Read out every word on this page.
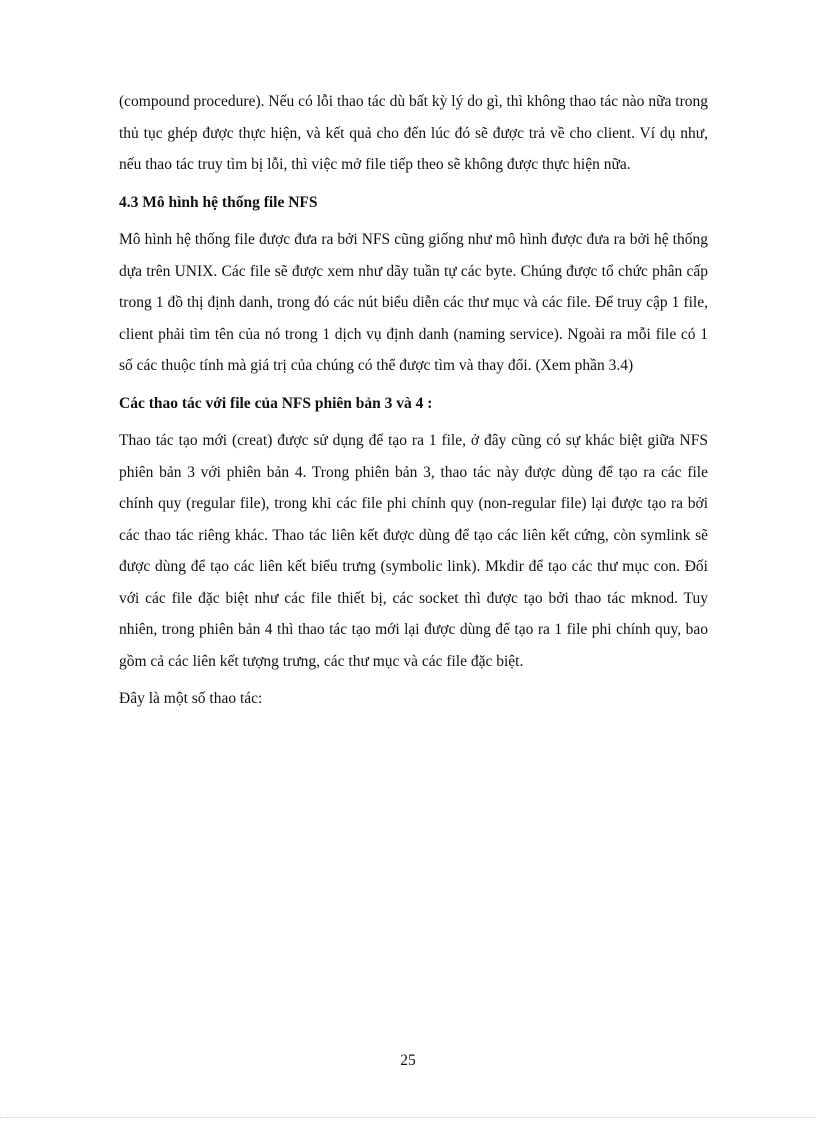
(compound procedure). Nếu có lỗi thao tác dù bất kỳ lý do gì, thì không thao tác nào nữa trong thủ tục ghép được thực hiện, và kết quả cho đến lúc đó sẽ được trả về cho client. Ví dụ như, nếu thao tác truy tìm bị lỗi, thì việc mở file tiếp theo sẽ không được thực hiện nữa.

4.3 Mô hình hệ thống file NFS

Mô hình hệ thống file được đưa ra bởi NFS cũng giống như mô hình được đưa ra bởi hệ thống dựa trên UNIX. Các file sẽ được xem như dãy tuần tự các byte. Chúng được tổ chức phân cấp trong 1 đồ thị định danh, trong đó các nút biểu diễn các thư mục và các file. Để truy cập 1 file, client phải tìm tên của nó trong 1 dịch vụ định danh (naming service). Ngoài ra mỗi file có 1 số các thuộc tính mà giá trị của chúng có thể được tìm và thay đổi. (Xem phần 3.4)

Các thao tác với file của NFS phiên bản 3 và 4 :

Thao tác tạo mới (creat) được sử dụng để tạo ra 1 file, ở đây cũng có sự khác biệt giữa NFS phiên bản 3 với phiên bản 4. Trong phiên bản 3, thao tác này được dùng để tạo ra các file chính quy (regular file), trong khi các file phi chính quy (non-regular file) lại được tạo ra bởi các thao tác riêng khác. Thao tác liên kết được dùng để tạo các liên kết cứng, còn symlink sẽ được dùng để tạo các liên kết biểu trưng (symbolic link). Mkdir để tạo các thư mục con. Đối với các file đặc biệt như các file thiết bị, các socket thì được tạo bởi thao tác mknod. Tuy nhiên, trong phiên bản 4 thì thao tác tạo mới lại được dùng để tạo ra 1 file phi chính quy, bao gồm cả các liên kết tượng trưng, các thư mục và các file đặc biệt.

Đây là một số thao tác:

25
